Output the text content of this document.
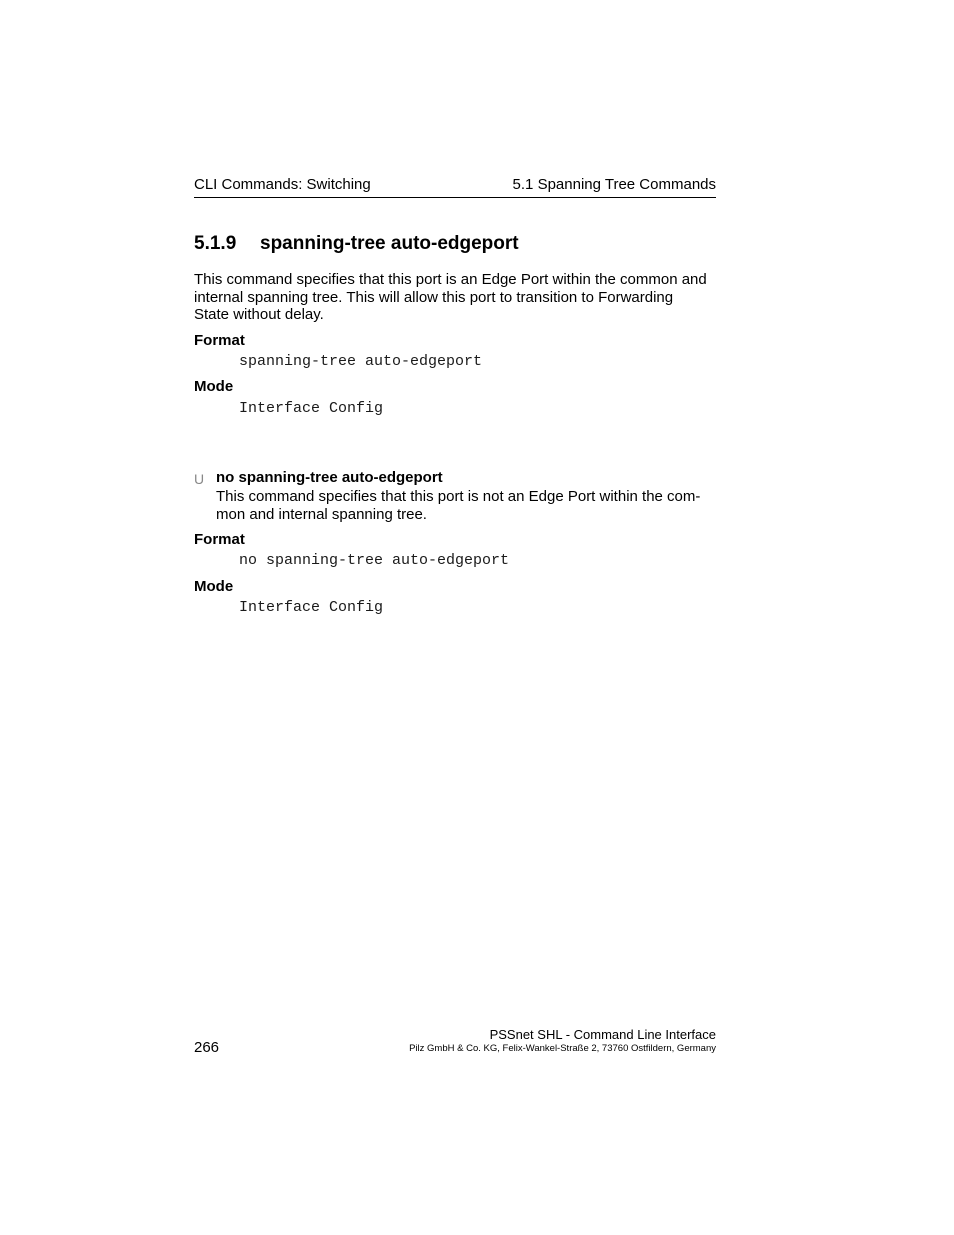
CLI Commands: Switching	5.1 Spanning Tree Commands
5.1.9 spanning-tree auto-edgeport
This command specifies that this port is an Edge Port within the common and
internal spanning tree. This will allow this port to transition to Forwarding
State without delay.
Format
spanning-tree auto-edgeport
Mode
Interface Config
U no spanning-tree auto-edgeport
This command specifies that this port is not an Edge Port within the com-
mon and internal spanning tree.
Format
no spanning-tree auto-edgeport
Mode
Interface Config
PSSnet SHL - Command Line Interface
Pilz GmbH & Co. KG, Felix-Wankel-Straße 2, 73760 Ostfildern, Germany
266
